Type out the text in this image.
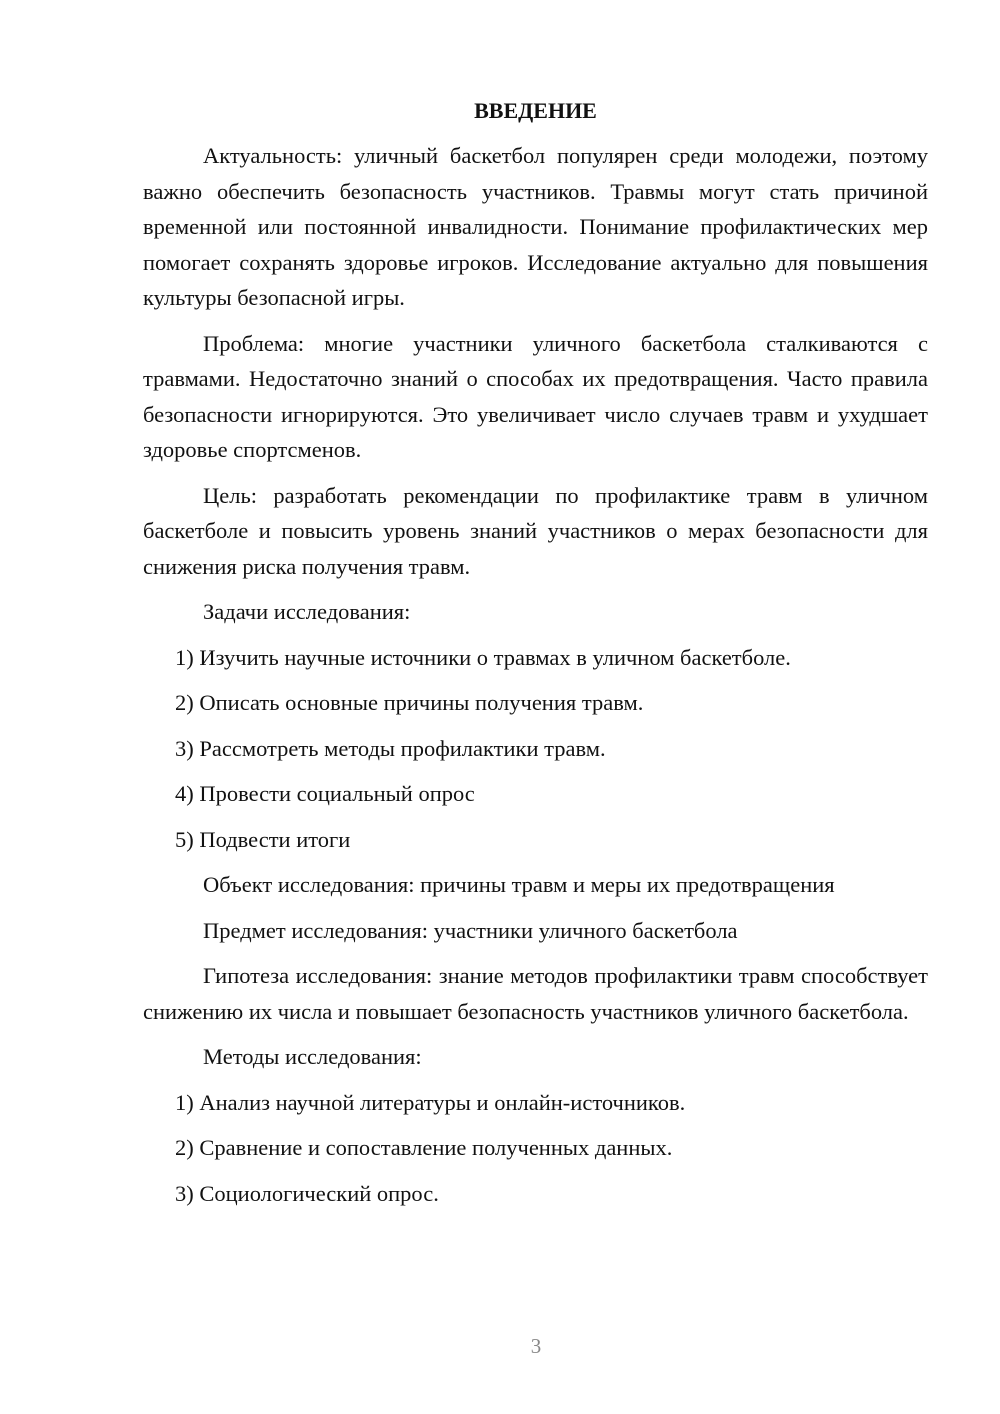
ВВЕДЕНИЕ

Актуальность: уличный баскетбол популярен среди молодежи, поэтому важно обеспечить безопасность участников. Травмы могут стать причиной временной или постоянной инвалидности. Понимание профилактических мер помогает сохранять здоровье игроков. Исследование актуально для повышения культуры безопасной игры.

Проблема: многие участники уличного баскетбола сталкиваются с травмами. Недостаточно знаний о способах их предотвращения. Часто правила безопасности игнорируются. Это увеличивает число случаев травм и ухудшает здоровье спортсменов.

Цель: разработать рекомендации по профилактике травм в уличном баскетболе и повысить уровень знаний участников о мерах безопасности для снижения риска получения травм.

Задачи исследования:

1) Изучить научные источники о травмах в уличном баскетболе.

2) Описать основные причины получения травм.

3) Рассмотреть методы профилактики травм.

4) Провести социальный опрос

5) Подвести итоги

Объект исследования: причины травм и меры их предотвращения

Предмет исследования: участники уличного баскетбола

Гипотеза исследования: знание методов профилактики травм способствует снижению их числа и повышает безопасность участников уличного баскетбола.

Методы исследования:

1) Анализ научной литературы и онлайн-источников.

2) Сравнение и сопоставление полученных данных.

3) Социологический опрос.

3
